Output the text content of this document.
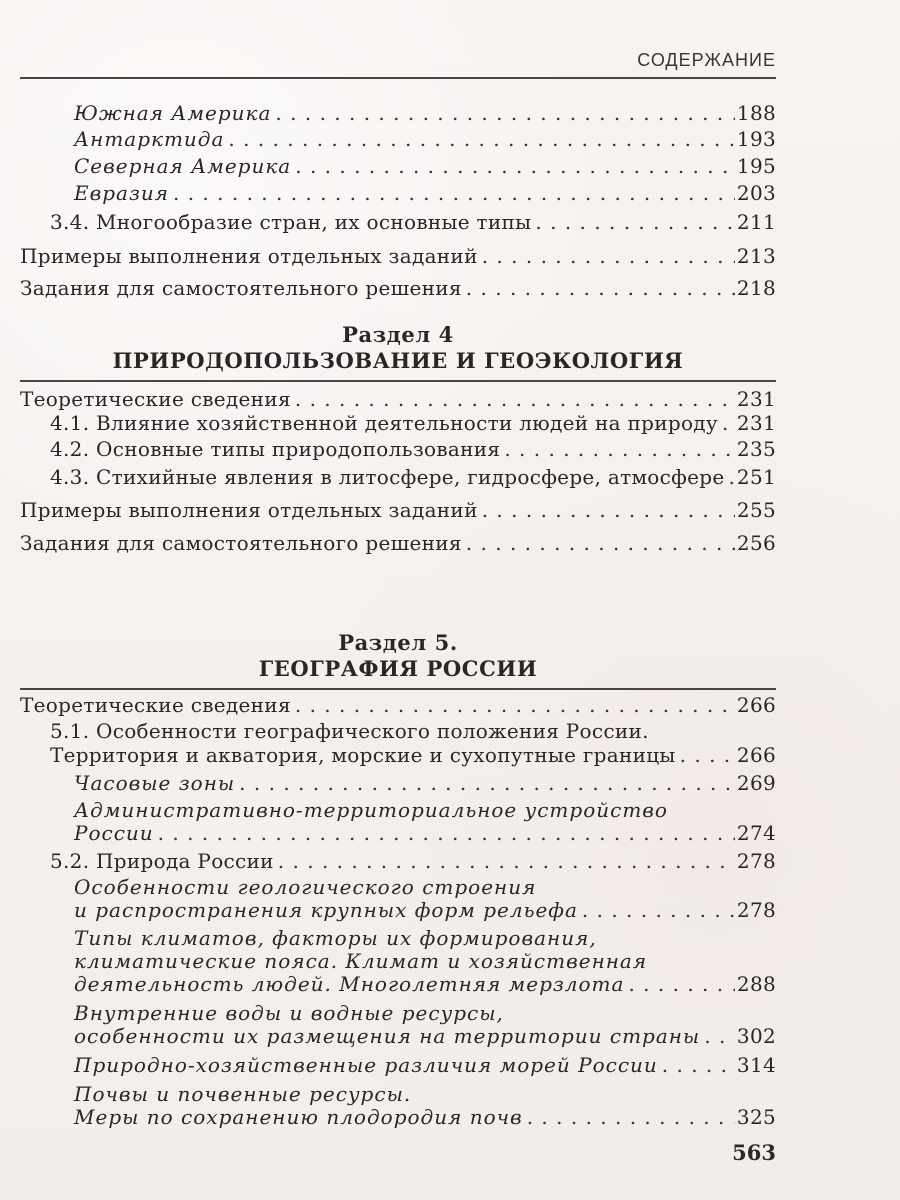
СОДЕРЖАНИЕ
Южная Америка . . .	188
Антарктида . . .	193
Северная Америка . . .	195
Евразия . . .	203
3.4. Многообразие стран, их основные типы . . .	211
Примеры выполнения отдельных заданий . . .	213
Задания для самостоятельного решения . . .	218
Раздел 4
ПРИРОДОПОЛЬЗОВАНИЕ И ГЕОЭКОЛОГИЯ
Теоретические сведения . . .	231
4.1. Влияние хозяйственной деятельности людей на природу . . . 231
4.2. Основные типы природопользования . . .	235
4.3. Стихийные явления в литосфере, гидросфере, атмосфере . . . 251
Примеры выполнения отдельных заданий . . .	255
Задания для самостоятельного решения . . .	256
Раздел 5.
ГЕОГРАФИЯ РОССИИ
Теоретические сведения . . .	266
5.1. Особенности географического положения России.
Территория и акватория, морские и сухопутные границы . . .	266
Часовые зоны . . .	269
Административно-территориальное устройство
России . . .	274
5.2. Природа России . . .	278
Особенности геологического строения
и распространения крупных форм рельефа . . .	278
Типы климатов, факторы их формирования,
климатические пояса. Климат и хозяйственная
деятельность людей. Многолетняя мерзлота . . .	288
Внутренние воды и водные ресурсы,
особенности их размещения на территории страны . . . 302
Природно-хозяйственные различия морей России . . .	314
Почвы и почвенные ресурсы.
Меры по сохранению плодородия почв . . .	325
563
